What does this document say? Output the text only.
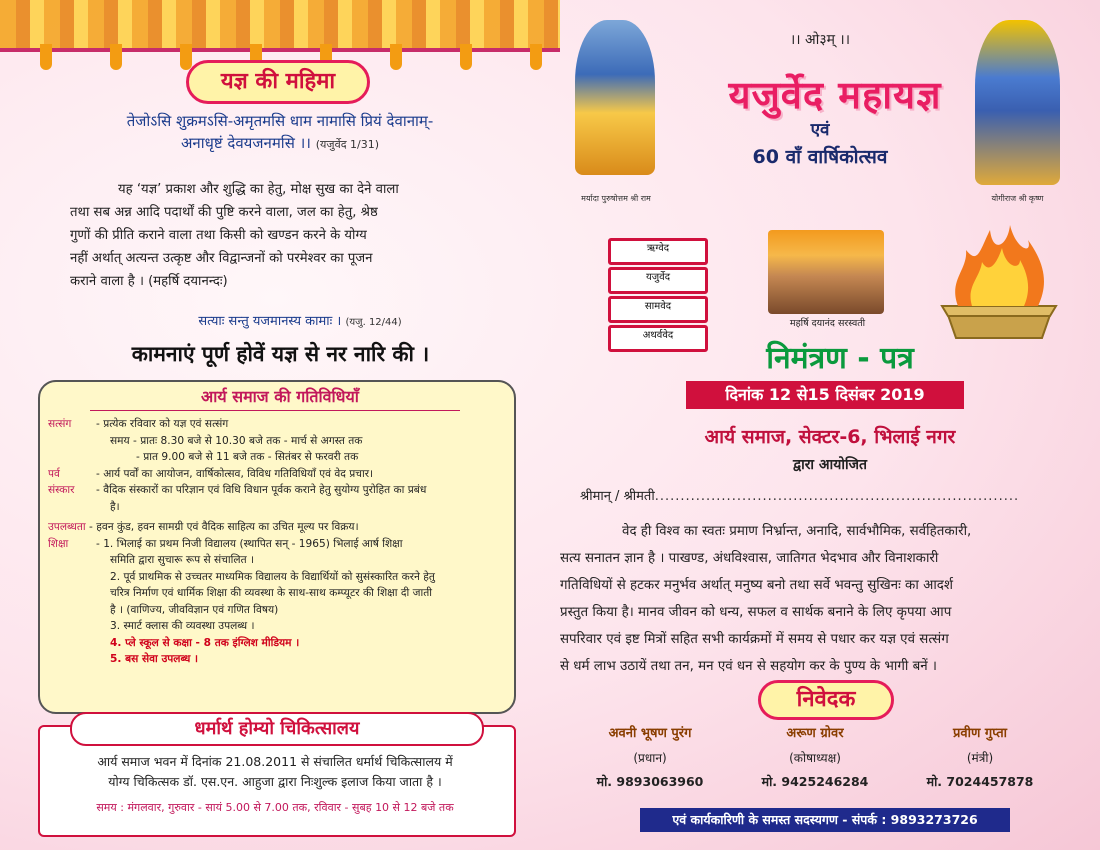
यज्ञ की महिमा
तेजोऽसि शुक्रमऽसि-अमृतमसि धाम नामासि प्रियं देवानाम्-
अनाधृष्टं देवयजनमसि ।। (यजुर्वेद 1/31)
यह ‘यज्ञ’ प्रकाश और शुद्धि का हेतु, मोक्ष सुख का देने वाला
तथा सब अन्न आदि पदार्थों की पुष्टि करने वाला, जल का हेतु, श्रेष्ठ
गुणों की प्रीति कराने वाला तथा किसी को खण्डन करने के योग्य
नहीं अर्थात् अत्यन्त उत्कृष्ट और विद्वान्जनों को परमेश्वर का पूजन
कराने वाला है । (महर्षि दयानन्दः)
सत्याः सन्तु यजमानस्य कामाः । (यजु. 12/44)
कामनाएं पूर्ण होवें यज्ञ से नर नारि की ।
आर्य समाज की गतिविधियाँ
सत्संग - प्रत्येक रविवार को यज्ञ एवं सत्संग
समय - प्रातः 8.30 बजे से 10.30 बजे तक - मार्च से अगस्त तक
- प्रात 9.00 बजे से 11 बजे तक - सितंबर से फरवरी तक
पर्व	- आर्य पर्वों का आयोजन, वार्षिकोत्सव, विविध गतिविधियाँ एवं वेद प्रचार।
संस्कार - वैदिक संस्कारों का परिज्ञान एवं विधि विधान पूर्वक कराने हेतु सुयोग्य पुरोहित का प्रबंध
है।
उपलब्धता - हवन कुंड, हवन सामग्री एवं वैदिक साहित्य का उचित मूल्य पर विक्रय।
शिक्षा	- 1. भिलाई का प्रथम निजी विद्यालय (स्थापित सन् - 1965) भिलाई आर्ष शिक्षा
समिति द्वारा सुचारू रूप से संचालित ।
2. पूर्व प्राथमिक से उच्चतर माध्यमिक विद्यालय के विद्यार्थियों को सुसंस्कारित करने हेतु
चरित्र निर्माण एवं धार्मिक शिक्षा की व्यवस्था के साथ-साथ कम्प्यूटर की शिक्षा दी जाती
है । (वाणिज्य, जीवविज्ञान एवं गणित विषय)
3. स्मार्ट क्लास की व्यवस्था उपलब्ध ।
4. प्ले स्कूल से कक्षा - 8 तक इंग्लिश मीडियम ।
5. बस सेवा उपलब्ध ।
धर्मार्थ होम्यो चिकित्सालय
आर्य समाज भवन में दिनांक 21.08.2011 से संचालित धर्मार्थ चिकित्सालय में
योग्य चिकित्सक डॉ. एस.एन. आहुजा द्वारा निःशुल्क इलाज किया जाता है ।
समय : मंगलवार, गुरुवार - सायं 5.00 से 7.00 तक, रविवार - सुबह 10 से 12 बजे तक
।। ओ३म् ।।
मर्यादा पुरुषोत्तम श्री राम	योगीराज श्री कृष्ण
यजुर्वेद महायज्ञ
एवं
60 वाँ वार्षिकोत्सव
ऋग्वेद
यजुर्वेद
सामवेद
अथर्ववेद
महर्षि दयानंद सरस्वती
निमंत्रण - पत्र
दिनांक 12 से15 दिसंबर 2019
आर्य समाज, सेक्टर-6, भिलाई नगर
द्वारा आयोजित
श्रीमान् / श्रीमती.......................................................................
वेद ही विश्व का स्वतः प्रमाण निर्भ्रान्त, अनादि, सार्वभौमिक, सर्वहितकारी,
सत्य सनातन ज्ञान है । पाखण्ड, अंधविश्वास, जातिगत भेदभाव और विनाशकारी
गतिविधियों से हटकर मनुर्भव अर्थात् मनुष्य बनो तथा सर्वे भवन्तु सुखिनः का आदर्श
प्रस्तुत किया है। मानव जीवन को धन्य, सफल व सार्थक बनाने के लिए कृपया आप
सपरिवार एवं इष्ट मित्रों सहित सभी कार्यक्रमों में समय से पधार कर यज्ञ एवं सत्संग
से धर्म लाभ उठायें तथा तन, मन एवं धन से सहयोग कर के पुण्य के भागी बनें ।
निवेदक
अवनी भूषण पुरंग
(प्रधान)
मो. 9893063960
अरूण ग्रोवर
(कोषाध्यक्ष)
मो. 9425246284
प्रवीण गुप्ता
(मंत्री)
मो. 7024457878
एवं कार्यकारिणी के समस्त सदस्यगण - संपर्क : 9893273726
